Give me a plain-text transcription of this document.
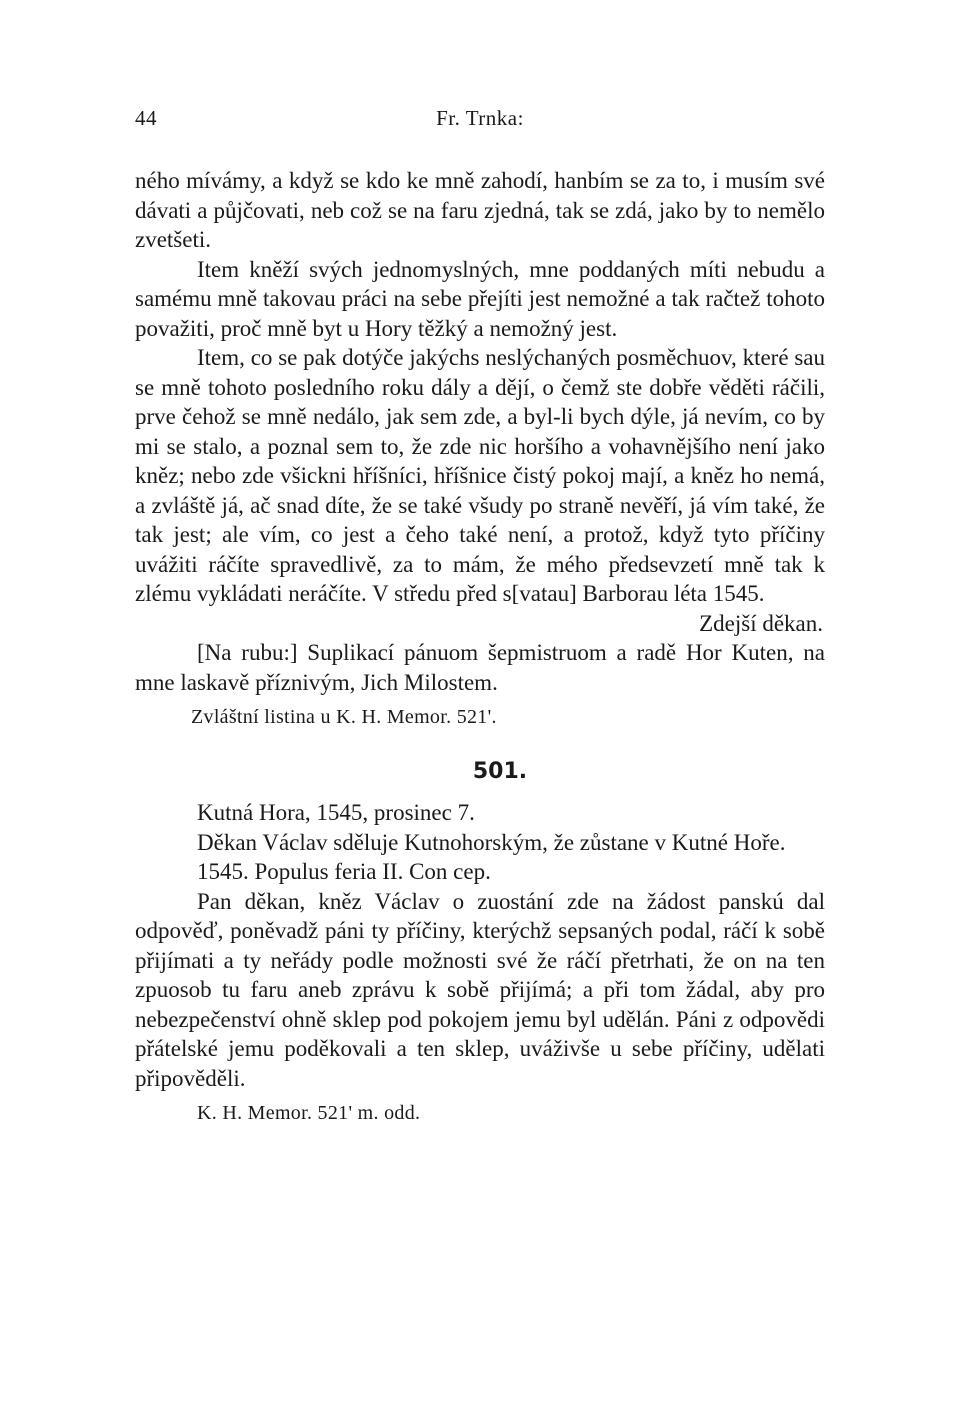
44	Fr. Trnka:

ného mívámy, a když se kdo ke mně zahodí, hanbím se za to, i musím své dávati a půjčovati, neb což se na faru zjedná, tak se zdá, jako by to nemělo zvetšeti.

Item kněží svých jednomyslných, mne poddaných míti nebudu a samému mně takovau práci na sebe přejíti jest nemožné a tak račtež tohoto považiti, proč mně byt u Hory těžký a nemožný jest.

Item, co se pak dotýče jakýchs neslýchaných posměchuov, které sau se mně tohoto posledního roku dály a dějí, o čemž ste dobře věděti ráčili, prve čehož se mně nedálo, jak sem zde, a byl-li bych dýle, já nevím, co by mi se stalo, a poznal sem to, že zde nic horšího a vohavnějšího není jako kněz; nebo zde všickni hříšníci, hříšnice čistý pokoj mají, a kněz ho nemá, a zvláště já, ač snad díte, že se také všudy po straně nevěří, já vím také, že tak jest; ale vím, co jest a čeho také není, a protož, když tyto příčiny uvážiti ráčíte spravedlivě, za to mám, že mého předsevzetí mně tak k zlému vykládati neráčíte. V středu před s[vatau] Barborau léta 1545.

Zdejší děkan.

[Na rubu:] Suplikací pánuom šepmistruom a radě Hor Kuten, na mne laskavě příznivým, Jich Milostem.

Zvláštní listina u K. H. Memor. 521'.

501.

Kutná Hora, 1545, prosinec 7.

Děkan Václav sděluje Kutnohorským, že zůstane v Kutné Hoře.

1545. Populus feria II. Con cep.

Pan děkan, kněz Václav o zuostání zde na žádost panskú dal odpověď, poněvadž páni ty příčiny, kterýchž sepsaných podal, ráčí k sobě přijímati a ty neřády podle možnosti své že ráčí přetrhati, že on na ten zpuosob tu faru aneb zprávu k sobě přijímá; a při tom žádal, aby pro nebezpečenství ohně sklep pod pokojem jemu byl udělán. Páni z odpovědi přátelské jemu poděkovali a ten sklep, uváživše u sebe příčiny, udělati připověděli.

K. H. Memor. 521' m. odd.
